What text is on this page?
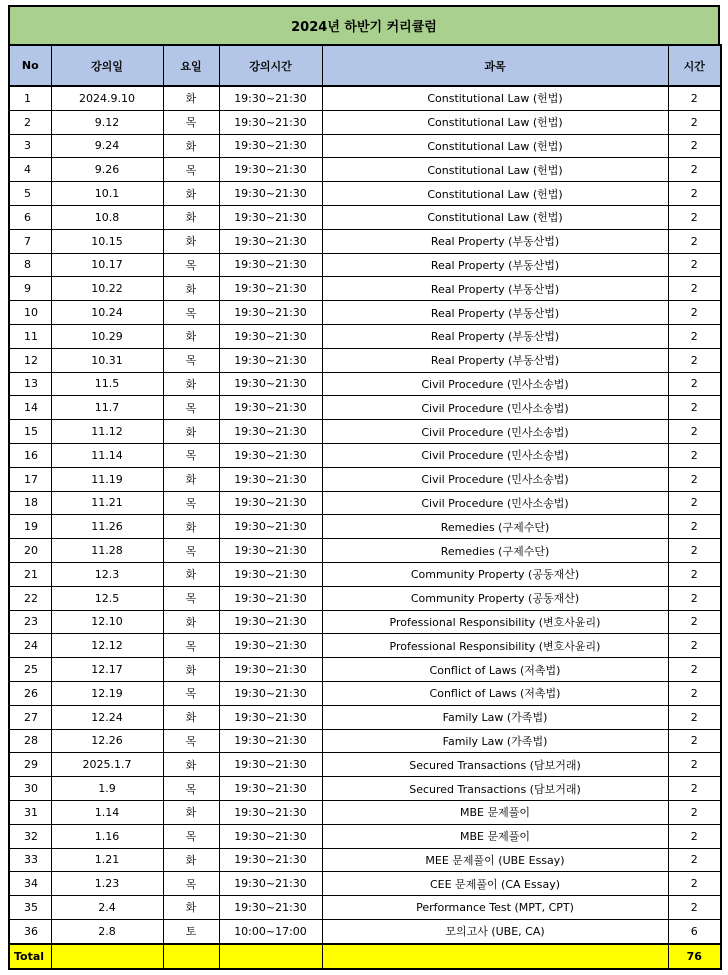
2024년 하반기 커리큘럼
No	강의일	요일	강의시간	과목	시간
1	2024.9.10	화	19:30~21:30	Constitutional Law (헌법)	2
2	9.12	목	19:30~21:30	Constitutional Law (헌법)	2
3	9.24	화	19:30~21:30	Constitutional Law (헌법)	2
4	9.26	목	19:30~21:30	Constitutional Law (헌법)	2
5	10.1	화	19:30~21:30	Constitutional Law (헌법)	2
6	10.8	화	19:30~21:30	Constitutional Law (헌법)	2
7	10.15	화	19:30~21:30	Real Property (부동산법)	2
8	10.17	목	19:30~21:30	Real Property (부동산법)	2
9	10.22	화	19:30~21:30	Real Property (부동산법)	2
10	10.24	목	19:30~21:30	Real Property (부동산법)	2
11	10.29	화	19:30~21:30	Real Property (부동산법)	2
12	10.31	목	19:30~21:30	Real Property (부동산법)	2
13	11.5	화	19:30~21:30	Civil Procedure (민사소송법)	2
14	11.7	목	19:30~21:30	Civil Procedure (민사소송법)	2
15	11.12	화	19:30~21:30	Civil Procedure (민사소송법)	2
16	11.14	목	19:30~21:30	Civil Procedure (민사소송법)	2
17	11.19	화	19:30~21:30	Civil Procedure (민사소송법)	2
18	11.21	목	19:30~21:30	Civil Procedure (민사소송법)	2
19	11.26	화	19:30~21:30	Remedies (구제수단)	2
20	11.28	목	19:30~21:30	Remedies (구제수단)	2
21	12.3	화	19:30~21:30	Community Property (공동재산)	2
22	12.5	목	19:30~21:30	Community Property (공동재산)	2
23	12.10	화	19:30~21:30	Professional Responsibility (변호사윤리)	2
24	12.12	목	19:30~21:30	Professional Responsibility (변호사윤리)	2
25	12.17	화	19:30~21:30	Conflict of Laws (저촉법)	2
26	12.19	목	19:30~21:30	Conflict of Laws (저촉법)	2
27	12.24	화	19:30~21:30	Family Law (가족법)	2
28	12.26	목	19:30~21:30	Family Law (가족법)	2
29	2025.1.7	화	19:30~21:30	Secured Transactions (담보거래)	2
30	1.9	목	19:30~21:30	Secured Transactions (담보거래)	2
31	1.14	화	19:30~21:30	MBE 문제풀이	2
32	1.16	목	19:30~21:30	MBE 문제풀이	2
33	1.21	화	19:30~21:30	MEE 문제풀이 (UBE Essay)	2
34	1.23	목	19:30~21:30	CEE 문제풀이 (CA Essay)	2
35	2.4	화	19:30~21:30	Performance Test (MPT, CPT)	2
36	2.8	토	10:00~17:00	모의고사 (UBE, CA)	6
Total					76
